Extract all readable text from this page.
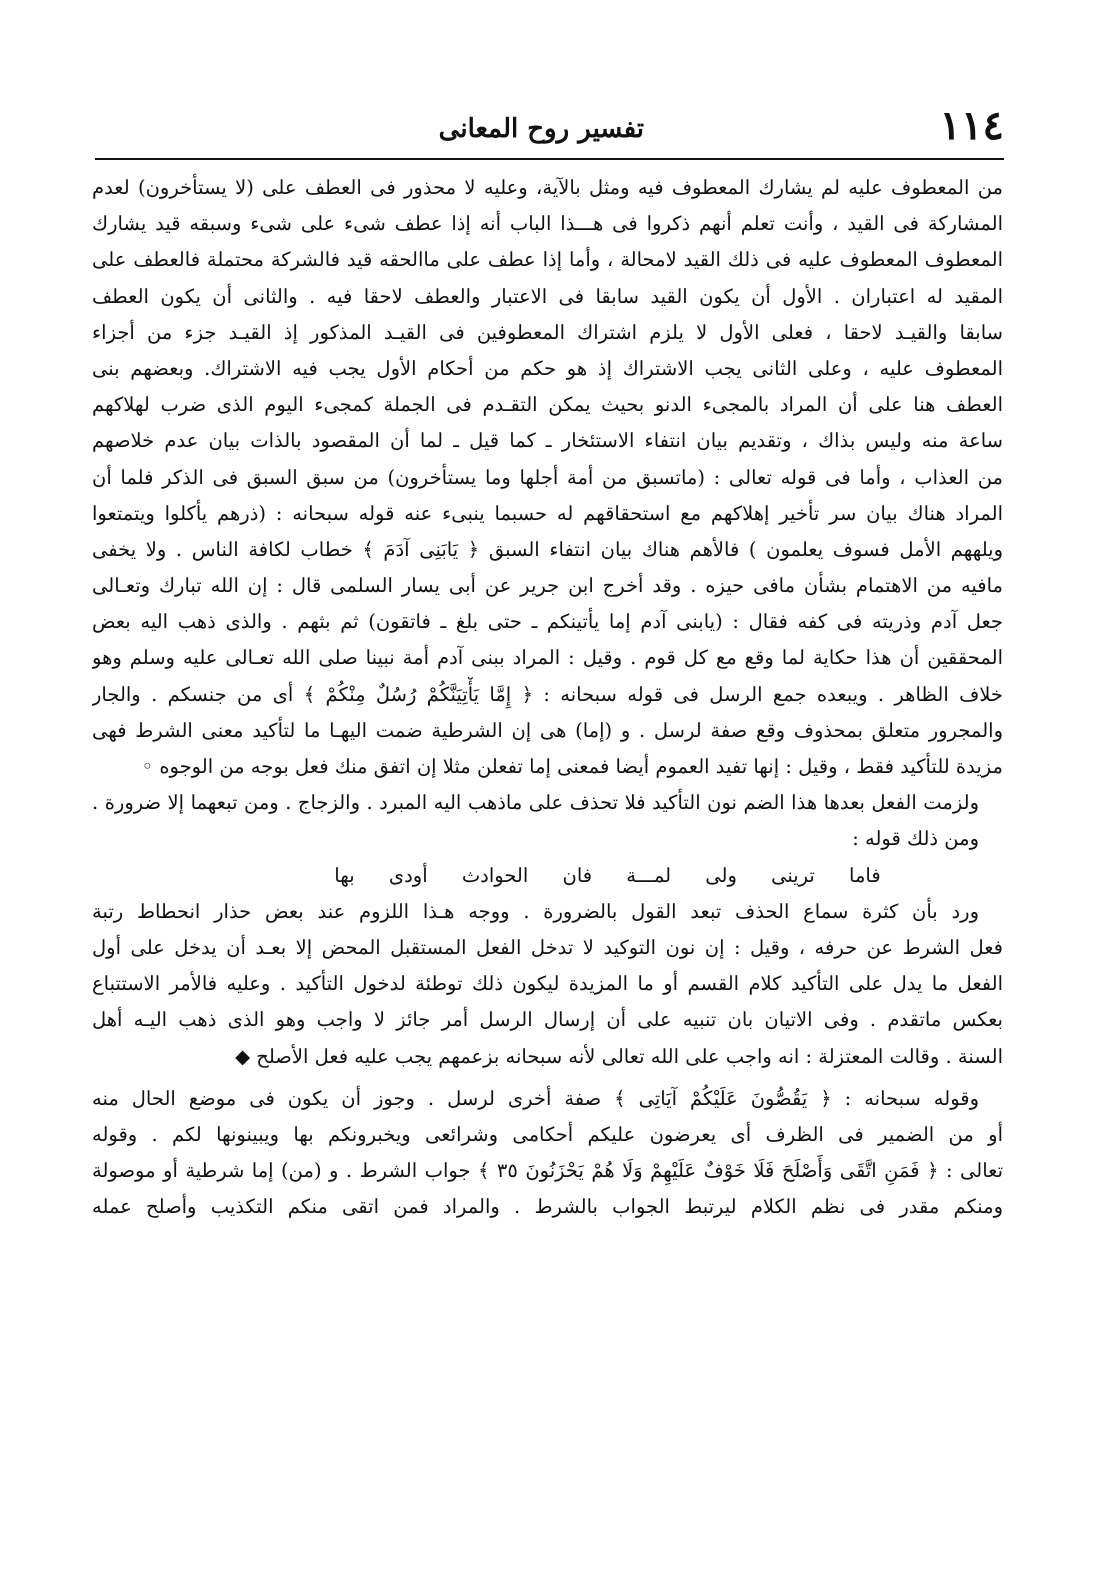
١١٤
تفسير روح المعانى
من المعطوف عليه لم يشارك المعطوف فيه ومثل بالآية، وعليه لا محذور فى العطف على (لا يستأخرون) لعدم
المشاركة فى القيد ، وأنت تعلم أنهم ذكروا فى هـــذا الباب أنه إذا عطف شىء على شىء وسبقه قيد يشارك
المعطوف المعطوف عليه فى ذلك القيد لامحالة ، وأما إذا عطف على ماالحقه قيد فالشركة محتملة فالعطف على
المقيد له اعتباران . الأول أن يكون القيد سابقا فى الاعتبار والعطف لاحقا فيه . والثانى أن يكون العطف
سابقا والقيـد لاحقا ، فعلى الأول لا يلزم اشتراك المعطوفين فى القيـد المذكور إذ القيـد جزء من أجزاء
المعطوف عليه ، وعلى الثانى يجب الاشتراك إذ هو حكم من أحكام الأول يجب فيه الاشتراك. وبعضهم بنى
العطف هنا على أن المراد بالمجىء الدنو بحيث يمكن التقـدم فى الجملة كمجىء اليوم الذى ضرب لهلاكهم
ساعة منه وليس بذاك ، وتقديم بيان انتفاء الاستئخار ـ كما قيل ـ لما أن المقصود بالذات بيان عدم خلاصهم
من العذاب ، وأما فى قوله تعالى : (ماتسبق من أمة أجلها وما يستأخرون) من سبق السبق فى الذكر فلما أن
المراد هناك بيان سر تأخير إهلاكهم مع استحقاقهم له حسبما ينبىء عنه قوله سبحانه : (ذرهم يأكلوا ويتمتعوا
ويلههم الأمل فسوف يعلمون ) فالأهم هناك بيان انتفاء السبق ﴿ يَابَنِى آدَمَ ﴾ خطاب لكافة الناس . ولا يخفى
مافيه من الاهتمام بشأن مافى حيزه . وقد أخرج ابن جرير عن أبى يسار السلمى قال : إن الله تبارك وتعـالى
جعل آدم وذريته فى كفه فقال : (يابنى آدم إما يأتينكم ـ حتى بلغ ـ فاتقون) ثم بثهم . والذى ذهب اليه بعض
المحققين أن هذا حكاية لما وقع مع كل قوم . وقيل : المراد ببنى آدم أمة نبينا صلى الله تعـالى عليه وسلم وهو
خلاف الظاهر . ويبعده جمع الرسل فى قوله سبحانه : ﴿ إِمَّا يَأْتِيَنَّكُمْ رُسُلٌ مِنْكُمْ ﴾ أى من جنسكم . والجار
والمجرور متعلق بمحذوف وقع صفة لرسل . و (إما) هى إن الشرطية ضمت اليهـا ما لتأكيد معنى الشرط فهى
مزيدة للتأكيد فقط ، وقيل : إنها تفيد العموم أيضا فمعنى إما تفعلن مثلا إن اتفق منك فعل بوجه من الوجوه ◦
ولزمت الفعل بعدها هذا الضم نون التأكيد فلا تحذف على ماذهب اليه المبرد . والزجاج . ومن تبعهما إلا ضرورة .
ومن ذلك قوله :
فاما ترينى ولى لمـــة فان الحوادث أودى بها
ورد بأن كثرة سماع الحذف تبعد القول بالضرورة . ووجه هـذا اللزوم عند بعض حذار انحطاط رتبة
فعل الشرط عن حرفه ، وقيل : إن نون التوكيد لا تدخل الفعل المستقبل المحض إلا بعـد أن يدخل على أول
الفعل ما يدل على التأكيد كلام القسم أو ما المزيدة ليكون ذلك توطئة لدخول التأكيد . وعليه فالأمر الاستتباع
بعكس ماتقدم . وفى الاتيان بان تنبيه على أن إرسال الرسل أمر جائز لا واجب وهو الذى ذهب اليـه أهل
السنة . وقالت المعتزلة : انه واجب على الله تعالى لأنه سبحانه بزعمهم يجب عليه فعل الأصلح ◆
وقوله سبحانه : ﴿ يَقُصُّونَ عَلَيْكُمْ آيَاتِى ﴾ صفة أخرى لرسل . وجوز أن يكون فى موضع الحال منه
أو من الضمير فى الظرف أى يعرضون عليكم أحكامى وشرائعى ويخبرونكم بها ويبينونها لكم . وقوله
تعالى : ﴿ فَمَنِ اتَّقَى وَأَصْلَحَ فَلَا خَوْفٌ عَلَيْهِمْ وَلَا هُمْ يَحْزَنُونَ ٣٥ ﴾ جواب الشرط . و (من) إما شرطية أو موصولة
ومنكم مقدر فى نظم الكلام ليرتبط الجواب بالشرط . والمراد فمن اتقى منكم التكذيب وأصلح عمله
